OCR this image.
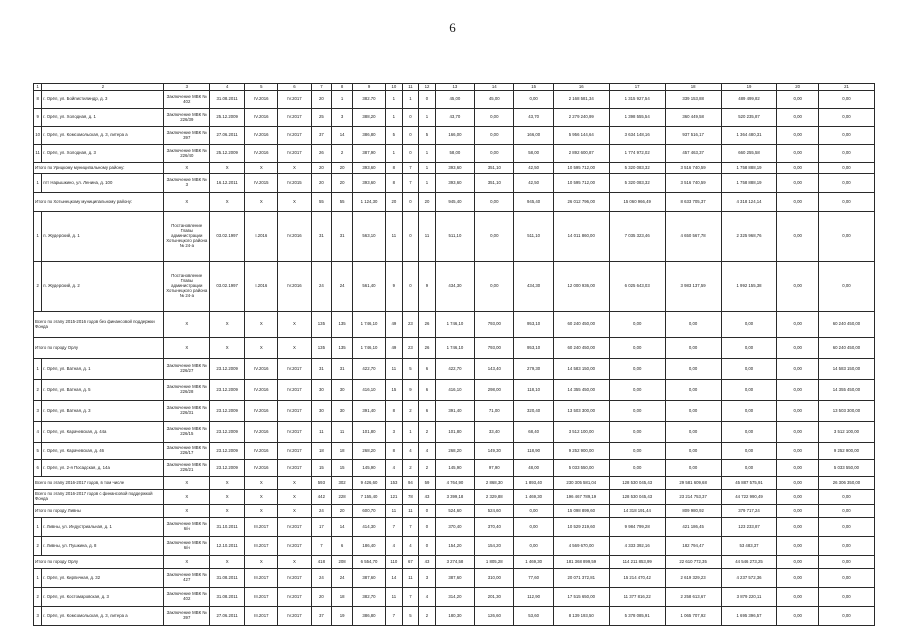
6
1	2	3	4	5	6	7	8	9	10	11	12	13	14	15	16	17	18	19	20	21
8	г. Орёл, ул. Бойпистилиндр, д. 3	Заключение МВК № 402	31.08.2011	IV.2016	IV.2017	20	1	382.70	1	1	0	45,00	45,00	0,00	2 168 581,34	1 315 927,54	339 153,88	489 499,82	0,00	0,00
9	г. Орёл, ул. Холодная, д. 1	Заключение МВК № 226/39	25.12.2009	IV.2016	IV.2017	25	3	388,20	1	0	1	43,70	0,00	43,70	2 279 240,99	1 398 555,54	360 449,58	520 235,87	0,00	0,00
10	г. Орёл, ул. Комсомольская, д. 3, литера а	Заключение МВК № 397	27.06.2011	IV.2016	IV.2017	37	14	386,80	5	0	5	166,00	0,00	166,00	5 956 144,64	3 634 148,16	937 516,17	1 364 480,31	0,00	0,00
11	г. Орёл, ул. Холодная, д. 3	Заключение МВК № 226/40	25.12.2009	IV.2016	IV.2017	26	2	387,90	1	0	1	58,00	0,00	58,00	2 892 600,87	1 774 972,02	457 463,37	660 255,58	0,00	0,00
Итого по Урицкому муниципальному району:		X	X	X	X	20	20	393,60	8	7	1	393,60	351,10	42,50	10 595 712,00	5 320 083,32	3 516 740,59	1 758 888,19	0,00	0,00
1	пгт Нарышкино, ул. Ленина, д. 100	Заключение МВК № 3	16.12.2011	IV.2015	IV.2015	20	20	393,60	8	7	1	393,60	351,10	42,50	10 595 712,00	5 320 083,32	3 516 740,59	1 758 888,19	0,00	0,00
Итого по Хотынецкому муниципальному району:		X	X	X	X	55	55	1 124,30	20	0	20	945,40	0,00	945,40	26 012 796,00	15 060 966,49	8 633 705,37	4 318 124,14	0,00	0,00
1	п. Жудерский, д. 1	Постановление Главы администрации Хотынецкого района № 24-а	03.02.1997	I.2016	IV.2016	31	31	563,10	11	0	11	511,10	0,00	511,10	14 011 860,00	7 035 323,46	4 650 567,78	2 325 968,76	0,00	0,00
2	п. Жудерский, д. 2	Постановление Главы администрации Хотынецкого района № 24-а	03.02.1997	I.2016	IV.2016	24	24	561,40	9	0	9	434,30	0,00	434,30	12 000 936,00	6 025 643,03	3 983 137,59	1 992 155,38	0,00	0,00
Всего по этапу 2015-2016 годов без финансовой поддержки Фонда		X	X	X	X	135	135	1 746,10	49	23	26	1 746,10	793,00	953,10	60 240 450,00	0,00	0,00	0,00	0,00	60 240 450,00
Итого по городу Орлу		X	X	X	X	135	135	1 746,10	49	23	26	1 746,10	793,00	953,10	60 240 450,00	0,00	0,00	0,00	0,00	60 240 450,00
1	г. Орёл, ул. Ватная, д. 1	Заключение МВК № 226/27	23.12.2009	IV.2016	IV.2017	31	31	422,70	11	5	6	422,70	143,40	279,30	14 583 150,00	0,00	0,00	0,00	0,00	14 583 150,00
2	г. Орёл, ул. Ватная, д. 5	Заключение МВК № 226/28	23.12.2009	IV.2016	IV.2017	30	30	416,10	15	9	6	416,10	298,00	118,10	14 355 450,00	0,00	0,00	0,00	0,00	14 355 450,00
3	г. Орёл, ул. Ватная, д. 3	Заключение МВК № 226/31	23.12.2009	IV.2016	IV.2017	30	30	391,40	8	2	6	391,40	71,00	320,40	13 503 300,00	0,00	0,00	0,00	0,00	13 503 300,00
4	г. Орёл, ул. Карачевская, д. 44а	Заключение МВК № 226/15	23.12.2009	IV.2016	IV.2017	11	11	101,80	3	1	2	101,80	33,40	68,40	3 512 100,00	0,00	0,00	0,00	0,00	3 512 100,00
5	г. Орёл, ул. Карачевская, д. 46	Заключение МВК № 226/17	23.12.2009	IV.2016	IV.2017	18	18	268,20	8	4	4	268,20	149,30	118,90	9 252 900,00	0,00	0,00	0,00	0,00	9 252 900,00
6	г. Орёл, ул. 2-я Посадская, д. 14а	Заключение МВК № 226/21	23.12.2009	IV.2016	IV.2017	15	15	145,90	4	2	2	145,90	97,90	48,00	5 033 550,00	0,00	0,00	0,00	0,00	5 033 550,00
Всего по этапу 2016-2017 годов, в том числе		X	X	X	X	593	302	9 426,60	153	94	59	4 764,90	2 868,30	1 893,40	230 305 581,04	128 530 045,43	29 581 609,68	45 887 575,91	0,00	26 306 350,00
Всего по этапу 2016-2017 годов с финансовой поддержкой Фонда		X	X	X	X	442	228	7 155,40	121	78	43	3 399,18	2 329,88	1 469,30	196 467 789,19	128 530 045,43	23 214 753,37	44 722 990,49	0,00	0,00
Итого по городу Ливны		X	X	X	X	24	20	600,70	11	11	0	524,60	524,60	0,00	15 098 899,60	14 318 191,44	809 980,92	379 717,24	0,00	0,00
1	г. Ливны, ул. Индустриальная, д. 1	Заключение МВК № 6/н	31.10.2011	III.2017	IV.2017	17	14	414,30	7	7	0	370,40	370,40	0,00	10 529 219,60	9 984 799,28	421 186,45	123 233,87	0,00	0,00
2	г. Ливны, ул. Пушкина, д. 8	Заключение МВК № 6/н	12.10.2011	III.2017	IV.2017	7	6	186,40	4	4	0	154,20	154,20	0,00	4 569 670,00	4 333 392,16	182 794,47	53 483,37	0,00	0,00
Итого по городу Орлу		X	X	X	X	418	208	6 554,70	110	67	43	3 274,58	1 805,28	1 469,30	181 368 899,59	114 211 853,99	22 610 772,35	44 546 273,25	0,00	0,00
1	г. Орёл, ул. Кирпичная, д. 32	Заключение МВК № 427	31.08.2011	III.2017	IV.2017	24	24	387,60	14	11	3	387,60	310,00	77,60	20 071 372,81	15 214 470,42	2 619 329,23	4 237 572,36	0,00	0,00
2	г. Орёл, ул. Костомаровская, д. 3	Заключение МВК № 402	31.08.2011	III.2017	IV.2017	20	18	382,70	11	7	4	314,20	201,30	112,90	17 515 650,00	11 377 816,22	2 258 613,67	3 879 220,11	0,00	0,00
3	г. Орёл, ул. Комсомольская, д. 3, литера а	Заключение МВК № 397	27.06.2011	III.2017	IV.2017	37	19	386,80	7	5	2	180,30	126,60	53,60	8 139 193,50	5 378 085,91	1 065 707,92	1 695 396,57	0,00	0,00
